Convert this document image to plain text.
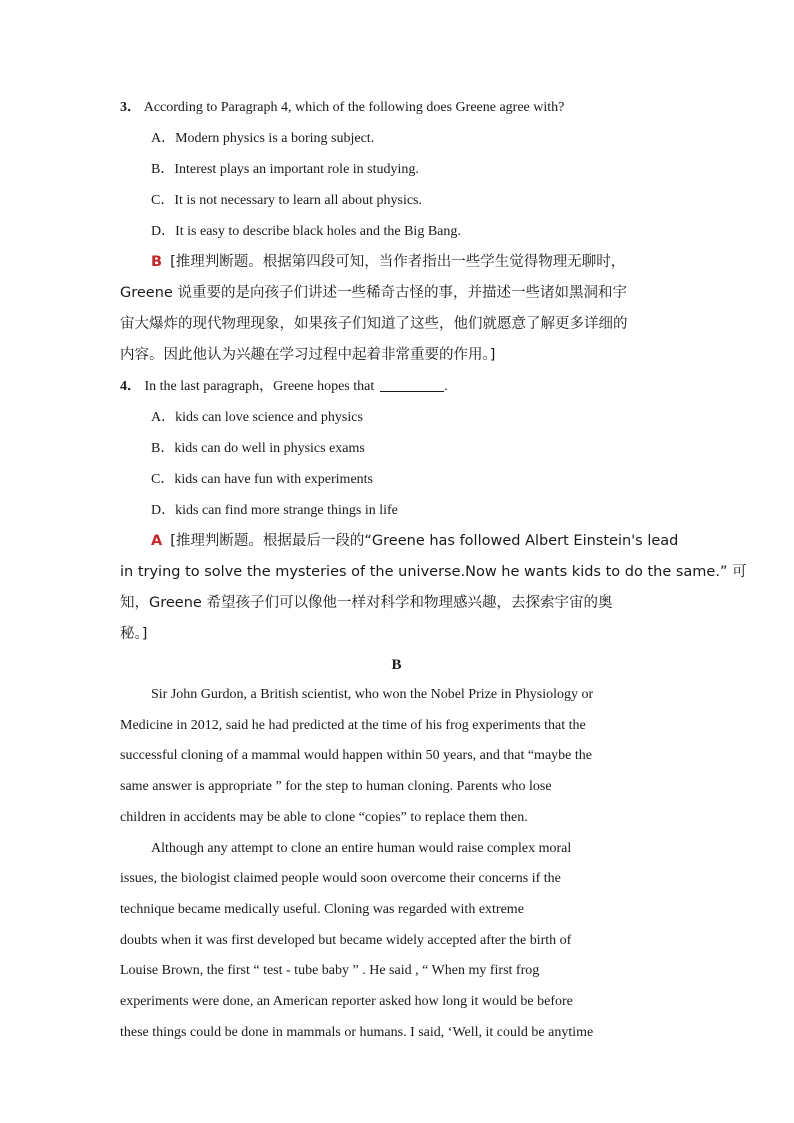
3． According to Paragraph 4, which of the following does Greene agree with?
A．Modern physics is a boring subject.
B．Interest plays an important role in studying.
C．It is not necessary to learn all about physics.
D．It is easy to describe black holes and the Big Bang.
B [推理判断题。根据第四段可知，当作者指出一些学生觉得物理无聊时，
Greene 说重要的是向孩子们讲述一些稀奇古怪的事，并描述一些诸如黑洞和宇
宙大爆炸的现代物理现象，如果孩子们知道了这些，他们就愿意了解更多详细的
内容。因此他认为兴趣在学习过程中起着非常重要的作用。]
4． In the last paragraph，Greene hopes that	.
A．kids can love science and physics
B．kids can do well in physics exams
C．kids can have fun with experiments
D．kids can find more strange things in life
A [推理判断题。根据最后一段的“Greene has followed Albert Einstein's lead
in trying to solve the mysteries of the universe.Now he wants kids to do the same.” 可
知，Greene 希望孩子们可以像他一样对科学和物理感兴趣，去探索宇宙的奥
秘。]
B
Sir John Gurdon, a British scientist, who won the Nobel Prize in Physiology or
Medicine in 2012, said he had predicted at the time of his frog experiments that the
successful cloning of a mammal would happen within 50 years, and that “maybe the
same answer is appropriate ” for the step to human cloning. Parents who lose
children in accidents may be able to clone “copies” to replace them then.
Although any attempt to clone an entire human would raise complex moral
issues, the biologist claimed people would soon overcome their concerns if the
technique became medically useful. Cloning was regarded with extreme
doubts when it was first developed but became widely accepted after the birth of
Louise Brown, the first “ test - tube baby ” . He said , “ When my first frog
experiments were done, an American reporter asked how long it would be before
these things could be done in mammals or humans. I said, ‘Well, it could be anytime
